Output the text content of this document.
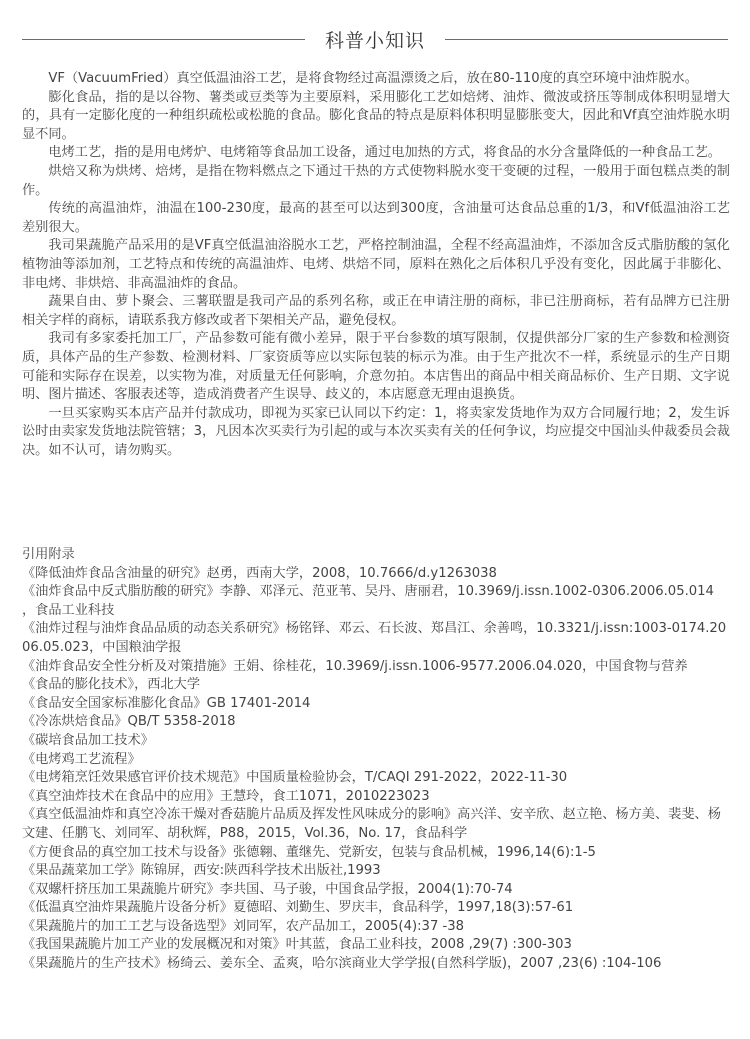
科普小知识

VF（VacuumFried）真空低温油浴工艺，是将食物经过高温漂烫之后，放在80-110度的真空环境中油炸脱水。

膨化食品，指的是以谷物、薯类或豆类等为主要原料，采用膨化工艺如焙烤、油炸、微波或挤压等制成体积明显增大的，具有一定膨化度的一种组织疏松或松脆的食品。膨化食品的特点是原料体积明显膨胀变大，因此和Vf真空油炸脱水明显不同。

电烤工艺，指的是用电烤炉、电烤箱等食品加工设备，通过电加热的方式，将食品的水分含量降低的一种食品工艺。

烘焙又称为烘烤、焙烤，是指在物料燃点之下通过干热的方式使物料脱水变干变硬的过程，一般用于面包糕点类的制作。

传统的高温油炸，油温在100-230度，最高的甚至可以达到300度，含油量可达食品总重的1/3，和Vf低温油浴工艺差别很大。

我司果蔬脆产品采用的是VF真空低温油浴脱水工艺，严格控制油温，全程不经高温油炸，不添加含反式脂肪酸的氢化植物油等添加剂，工艺特点和传统的高温油炸、电烤、烘焙不同，原料在熟化之后体积几乎没有变化，因此属于非膨化、非电烤、非烘焙、非高温油炸的食品。

蔬果自由、萝卜聚会、三薯联盟是我司产品的系列名称，或正在申请注册的商标，非已注册商标，若有品牌方已注册相关字样的商标，请联系我方修改或者下架相关产品，避免侵权。

我司有多家委托加工厂，产品参数可能有微小差异，限于平台参数的填写限制，仅提供部分厂家的生产参数和检测资质，具体产品的生产参数、检测材料、厂家资质等应以实际包装的标示为准。由于生产批次不一样，系统显示的生产日期可能和实际存在误差，以实物为准，对质量无任何影响，介意勿拍。本店售出的商品中相关商品标价、生产日期、文字说明、图片描述、客服表述等，造成消费者产生误导、歧义的，本店愿意无理由退换货。

一旦买家购买本店产品并付款成功，即视为买家已认同以下约定：1，将卖家发货地作为双方合同履行地；2，发生诉讼时由卖家发货地法院管辖；3，凡因本次买卖行为引起的或与本次买卖有关的任何争议，均应提交中国汕头仲裁委员会裁决。如不认可，请勿购买。

引用附录

《降低油炸食品含油量的研究》赵勇，西南大学，2008，10.7666/d.y1263038

《油炸食品中反式脂肪酸的研究》李静、邓泽元、范亚苇、吴丹、唐丽君，10.3969/j.issn.1002-0306.2006.05.014

，食品工业科技

《油炸过程与油炸食品品质的动态关系研究》杨铭铎、邓云、石长波、郑昌江、余善鸣，10.3321/j.issn:1003-0174.2006.05.023，中国粮油学报

《油炸食品安全性分析及对策措施》王娟、徐桂花，10.3969/j.issn.1006-9577.2006.04.020，中国食物与营养

《食品的膨化技术》，西北大学

《食品安全国家标准膨化食品》GB 17401-2014

《冷冻烘焙食品》QB/T 5358-2018

《碳培食品加工技术》

《电烤鸡工艺流程》

《电烤箱烹饪效果感官评价技术规范》中国质量检验协会，T/CAQI 291-2022，2022-11-30

《真空油炸技术在食品中的应用》王慧玲，食工1071，2010223023

《真空低温油炸和真空冷冻干燥对香菇脆片品质及挥发性风味成分的影响》高兴洋、安辛欣、赵立艳、杨方美、裴斐、杨文建、任鹏飞、刘同军、胡秋辉，P88，2015，Vol.36，No. 17，食品科学

《方便食品的真空加工技术与设备》张德翱、董继先、党新安，包装与食品机械，1996,14(6):1-5

《果品蔬菜加工学》陈锦屏，西安:陕西科学技术出版社,1993

《双螺杆挤压加工果蔬脆片研究》李共国、马子骏，中国食品学报，2004(1):70-74

《低温真空油炸果蔬脆片设备分析》夏德昭、刘勤生、罗庆丰，食品科学，1997,18(3):57-61

《果蔬脆片的加工工艺与设备选型》刘同军，农产品加工，2005(4):37 -38

《我国果蔬脆片加工产业的发展概况和对策》叶其蓝，食品工业科技，2008 ,29(7) :300-303

《果蔬脆片的生产技术》杨绮云、姜东全、孟爽，哈尔滨商业大学学报(自然科学版)，2007 ,23(6) :104-106
